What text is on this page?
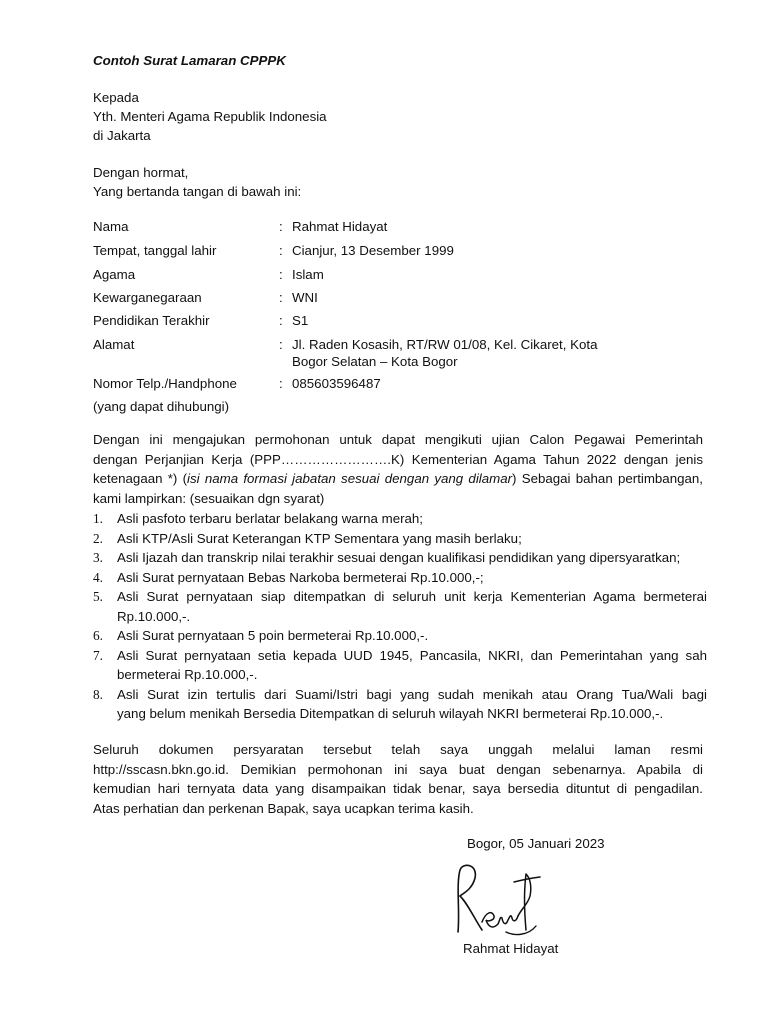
Contoh Surat Lamaran CPPPK
Kepada
Yth. Menteri Agama Republik Indonesia
di Jakarta
Dengan hormat,
Yang bertanda tangan di bawah ini:
Nama	: Rahmat Hidayat
Tempat, tanggal lahir	: Cianjur, 13 Desember 1999
Agama	: Islam
Kewarganegaraan	: WNI
Pendidikan Terakhir	: S1
Alamat	: Jl. Raden Kosasih, RT/RW 01/08, Kel. Cikaret, Kota
Bogor Selatan – Kota Bogor
Nomor Telp./Handphone	: 085603596487
(yang dapat dihubungi)
Dengan ini mengajukan permohonan untuk dapat mengikuti ujian Calon Pegawai Pemerintah
dengan Perjanjian Kerja (PPP…………………….K) Kementerian Agama Tahun 2022 dengan jenis
ketenagaan *) (isi nama formasi jabatan sesuai dengan yang dilamar) Sebagai bahan pertimbangan,
kami lampirkan: (sesuaikan dgn syarat)
1. Asli pasfoto terbaru berlatar belakang warna merah;
2. Asli KTP/Asli Surat Keterangan KTP Sementara yang masih berlaku;
3. Asli Ijazah dan transkrip nilai terakhir sesuai dengan kualifikasi pendidikan yang dipersyaratkan;
4. Asli Surat pernyataan Bebas Narkoba bermeterai Rp.10.000,-;
5. Asli Surat pernyataan siap ditempatkan di seluruh unit kerja Kementerian Agama bermeterai
Rp.10.000,-.
6. Asli Surat pernyataan 5 poin bermeterai Rp.10.000,-.
7. Asli Surat pernyataan setia kepada UUD 1945, Pancasila, NKRI, dan Pemerintahan yang sah
bermeterai Rp.10.000,-.
8. Asli Surat izin tertulis dari Suami/Istri bagi yang sudah menikah atau Orang Tua/Wali bagi
yang belum menikah Bersedia Ditempatkan di seluruh wilayah NKRI bermeterai Rp.10.000,-.
Seluruh dokumen persyaratan tersebut telah saya unggah melalui laman resmi
http://sscasn.bkn.go.id. Demikian permohonan ini saya buat dengan sebenarnya. Apabila di
kemudian hari ternyata data yang disampaikan tidak benar, saya bersedia dituntut di pengadilan.
Atas perhatian dan perkenan Bapak, saya ucapkan terima kasih.
Bogor, 05 Januari 2023
Rahmat Hidayat
